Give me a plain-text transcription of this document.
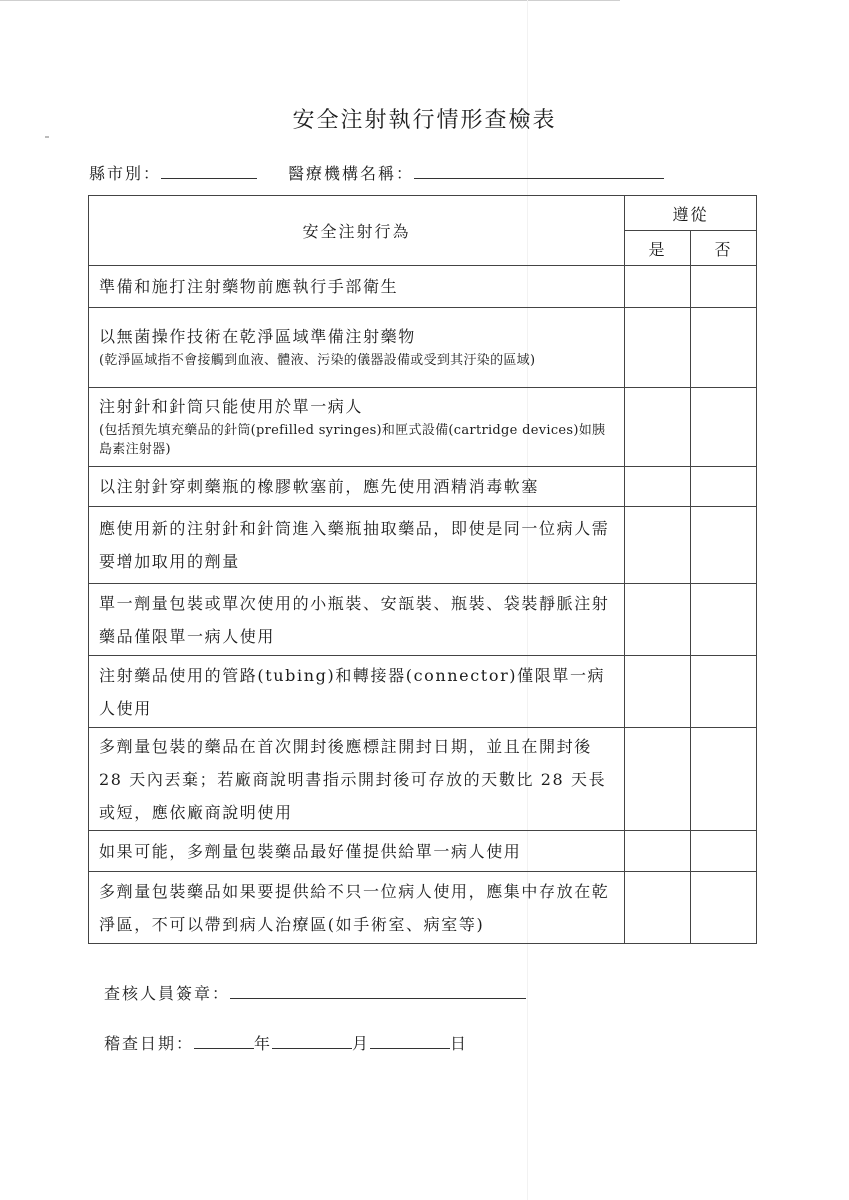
安全注射執行情形查檢表
縣市別：	醫療機構名稱：
安全注射行為	遵從	
	是	否

準備和施打注射藥物前應執行手部衛生		

以無菌操作技術在乾淨區域準備注射藥物
(乾淨區域指不會接觸到血液、體液、污染的儀器設備或受到其汙染的區域)		

注射針和針筒只能使用於單一病人
(包括預先填充藥品的針筒(prefilled syringes)和匣式設備(cartridge devices)如胰島素注射器)		

以注射針穿刺藥瓶的橡膠軟塞前，應先使用酒精消毒軟塞		

應使用新的注射針和針筒進入藥瓶抽取藥品，即使是同一位病人需要增加取用的劑量		
單一劑量包裝或單次使用的小瓶裝、安瓿裝、瓶裝、袋裝靜脈注射藥品僅限單一病人使用		
注射藥品使用的管路(tubing)和轉接器(connector)僅限單一病人使用		
多劑量包裝的藥品在首次開封後應標註開封日期，並且在開封後 28 天內丟棄；若廠商說明書指示開封後可存放的天數比 28 天長或短，應依廠商說明使用		
如果可能，多劑量包裝藥品最好僅提供給單一病人使用		
多劑量包裝藥品如果要提供給不只一位病人使用，應集中存放在乾淨區，不可以帶到病人治療區(如手術室、病室等)		
查核人員簽章：
稽查日期：	年	月	日
